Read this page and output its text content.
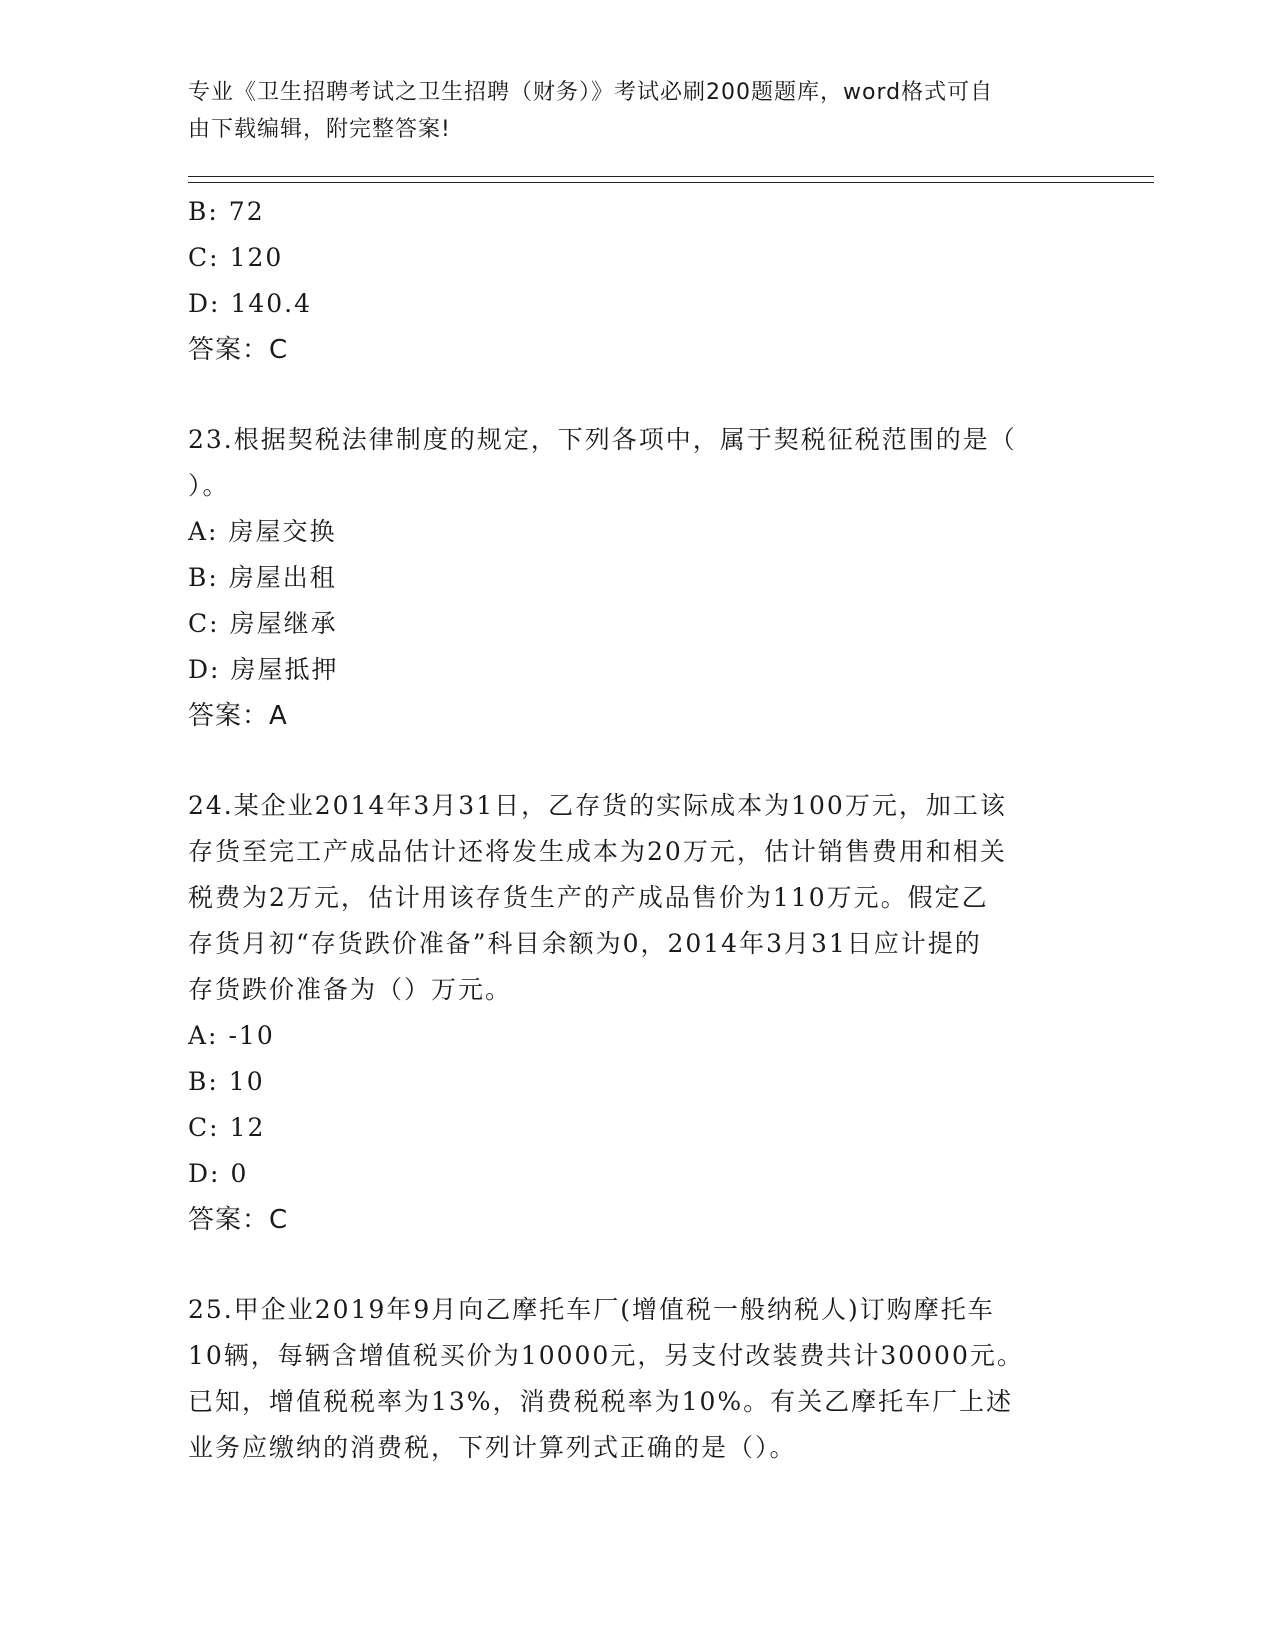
专业《卫生招聘考试之卫生招聘（财务）》考试必刷200题题库，word格式可自
由下载编辑，附完整答案!
B: 72
C: 120
D: 140.4
答案：C
23.根据契税法律制度的规定，下列各项中，属于契税征税范围的是（
）。
A: 房屋交换
B: 房屋出租
C: 房屋继承
D: 房屋抵押
答案：A
24.某企业2014年3月31日，乙存货的实际成本为100万元，加工该
存货至完工产成品估计还将发生成本为20万元，估计销售费用和相关
税费为2万元，估计用该存货生产的产成品售价为110万元。假定乙
存货月初“存货跌价准备”科目余额为0，2014年3月31日应计提的
存货跌价准备为（）万元。
A: -10
B: 10
C: 12
D: 0
答案：C
25.甲企业2019年9月向乙摩托车厂(增值税一般纳税人)订购摩托车
10辆，每辆含增值税买价为10000元，另支付改装费共计30000元。
已知，增值税税率为13%，消费税税率为10%。有关乙摩托车厂上述
业务应缴纳的消费税，下列计算列式正确的是（）。
